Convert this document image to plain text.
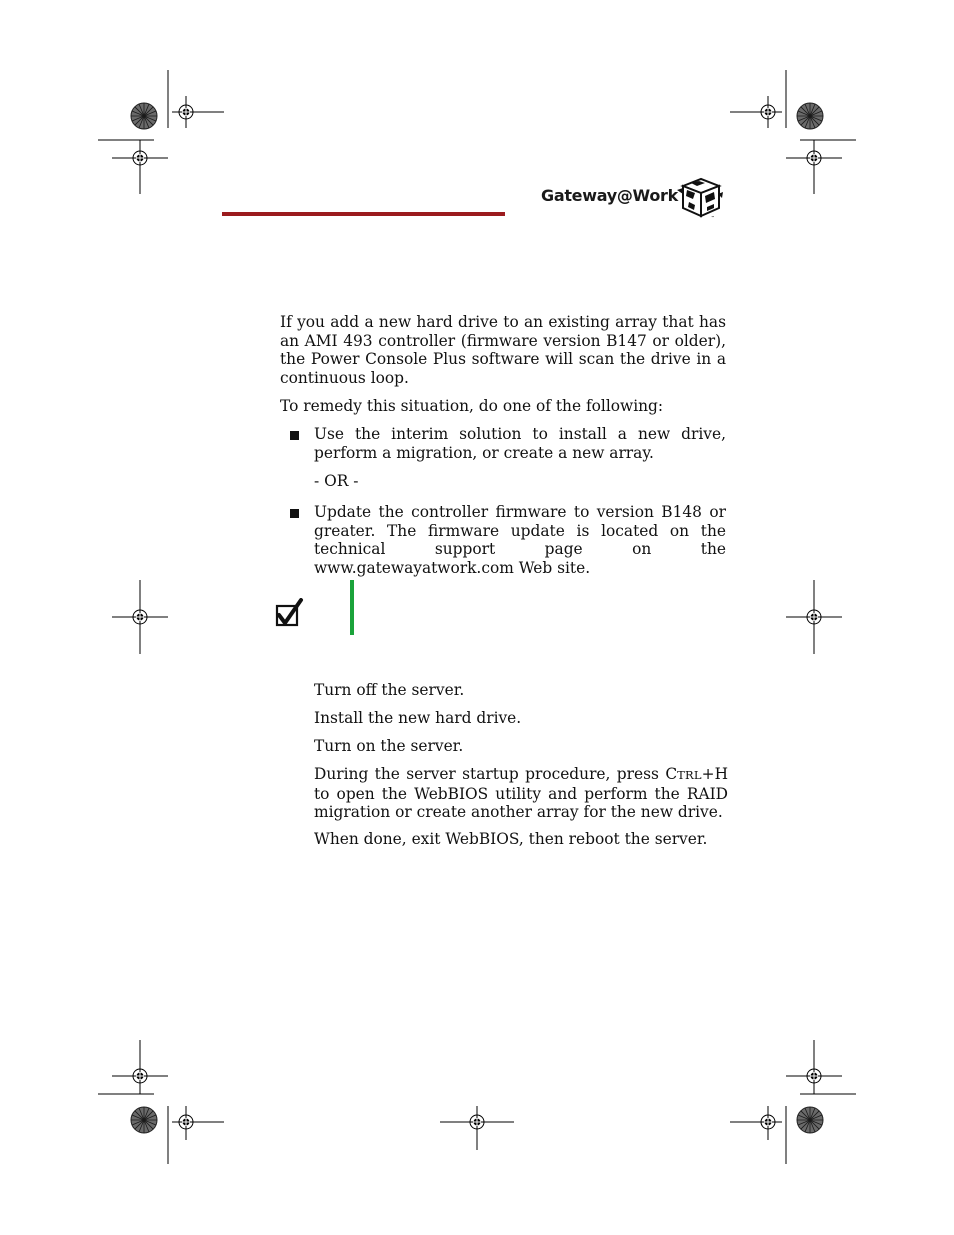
Gateway@Work
™

If you add a new hard drive to an existing array that has an AMI 493 controller (firmware version B147 or older), the Power Console Plus software will scan the drive in a continuous loop.

To remedy this situation, do one of the following:

Use the interim solution to install a new drive, perform a migration, or create a new array.

- OR -

Update the controller firmware to version B148 or greater. The firmware update is located on the technical support page on the www.gatewayatwork.com Web site.

Turn off the server.

Install the new hard drive.

Turn on the server.

During the server startup procedure, press CTRL+H to open the WebBIOS utility and perform the RAID migration or create another array for the new drive.

When done, exit WebBIOS, then reboot the server.
